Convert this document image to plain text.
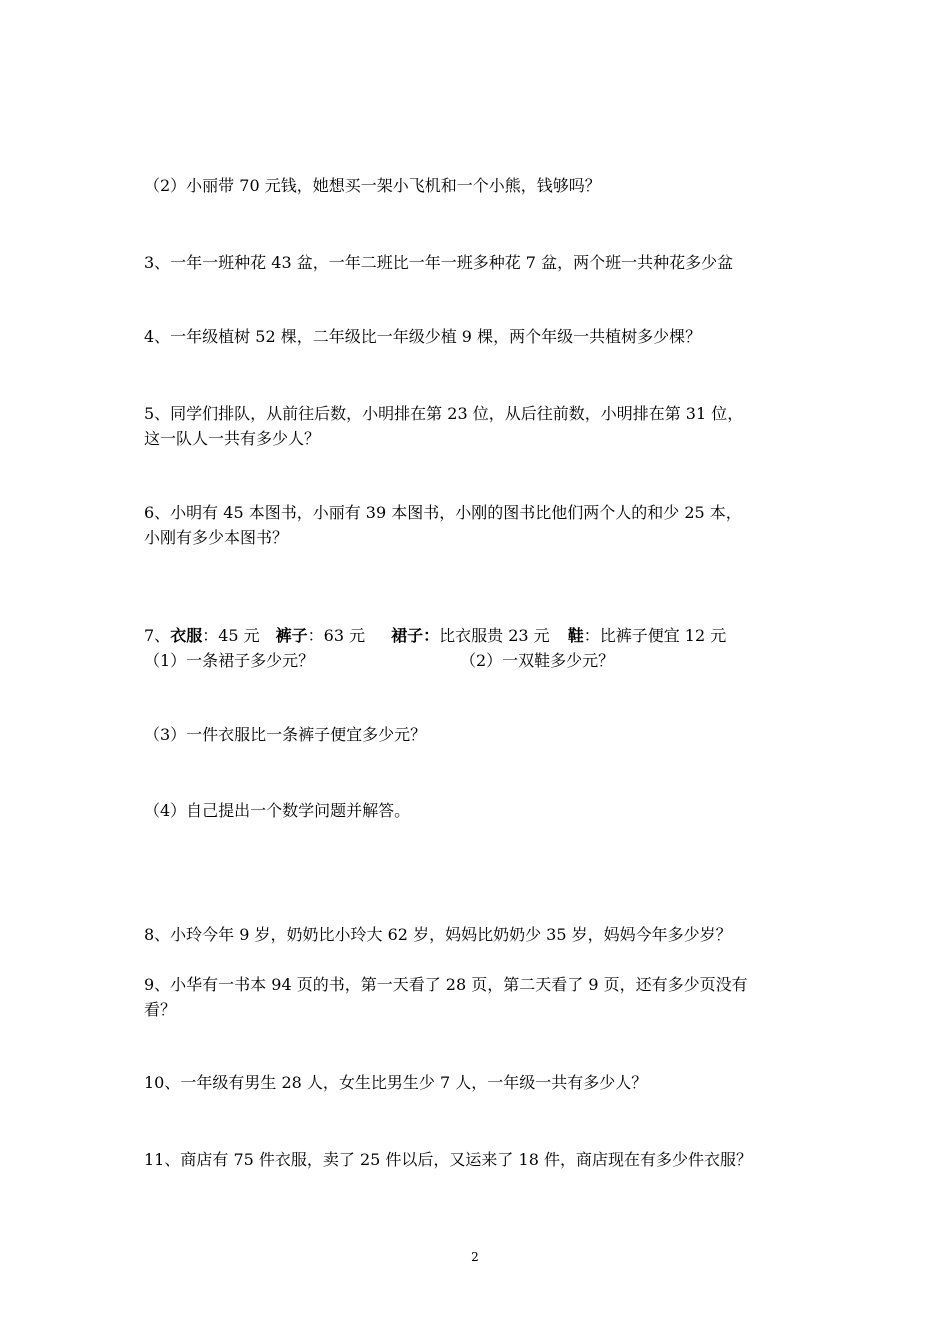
（2）小丽带 70 元钱，她想买一架小飞机和一个小熊，钱够吗？
3、一年一班种花 43 盆，一年二班比一年一班多种花 7 盆，两个班一共种花多少盆
4、一年级植树 52 棵，二年级比一年级少植 9 棵，两个年级一共植树多少棵？
5、同学们排队，从前往后数，小明排在第 23 位，从后往前数，小明排在第 31 位，
这一队人一共有多少人？
6、小明有 45 本图书，小丽有 39 本图书，小刚的图书比他们两个人的和少 25 本，
小刚有多少本图书？
7、衣服：45 元 裤子：63 元 裙子：比衣服贵 23 元 鞋：比裤子便宜 12 元
（1）一条裙子多少元？	（2）一双鞋多少元？
（3）一件衣服比一条裤子便宜多少元？
（4）自己提出一个数学问题并解答。
8、小玲今年 9 岁，奶奶比小玲大 62 岁，妈妈比奶奶少 35 岁，妈妈今年多少岁？
9、小华有一书本 94 页的书，第一天看了 28 页，第二天看了 9 页，还有多少页没有
看？
10、一年级有男生 28 人，女生比男生少 7 人，一年级一共有多少人？
11、商店有 75 件衣服，卖了 25 件以后，又运来了 18 件，商店现在有多少件衣服？
2
